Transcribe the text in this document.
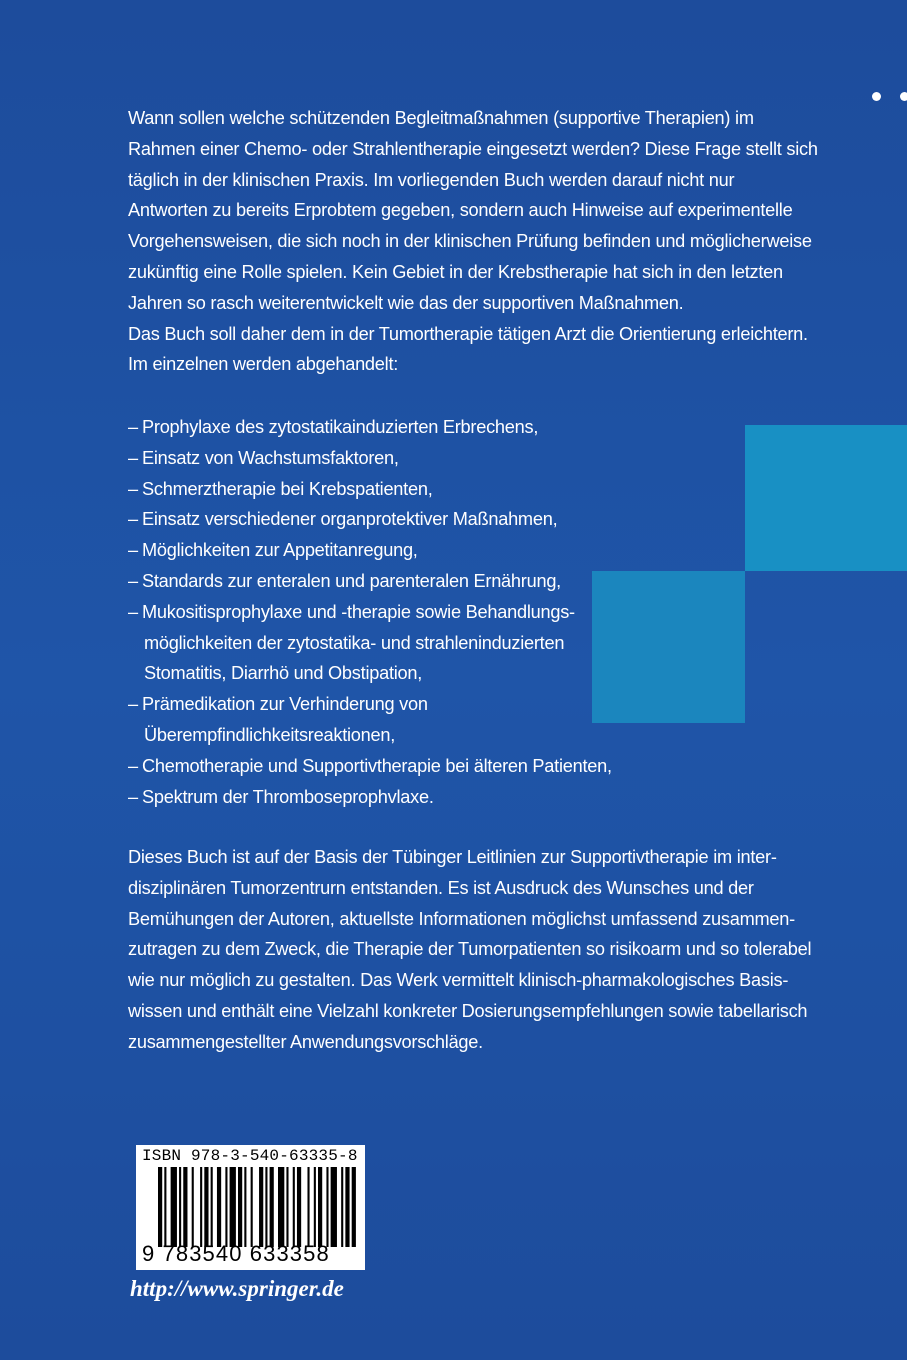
Wann sollen welche schützenden Begleitmaßnahmen (supportive Therapien) im
Rahmen einer Chemo- oder Strahlentherapie eingesetzt werden? Diese Frage stellt sich
täglich in der klinischen Praxis. Im vorliegenden Buch werden darauf nicht nur
Antworten zu bereits Erprobtem gegeben, sondern auch Hinweise auf experimentelle
Vorgehensweisen, die sich noch in der klinischen Prüfung befinden und möglicherweise
zukünftig eine Rolle spielen. Kein Gebiet in der Krebstherapie hat sich in den letzten
Jahren so rasch weiterentwickelt wie das der supportiven Maßnahmen.
Das Buch soll daher dem in der Tumortherapie tätigen Arzt die Orientierung erleichtern.
Im einzelnen werden abgehandelt:
– Prophylaxe des zytostatikainduzierten Erbrechens,
– Einsatz von Wachstumsfaktoren,
– Schmerztherapie bei Krebspatienten,
– Einsatz verschiedener organprotektiver Maßnahmen,
– Möglichkeiten zur Appetitanregung,
– Standards zur enteralen und parenteralen Ernährung,
– Mukositisprophylaxe und -therapie sowie Behandlungs-
möglichkeiten der zytostatika- und strahleninduzierten
Stomatitis, Diarrhö und Obstipation,
– Prämedikation zur Verhinderung von
Überempfindlichkeitsreaktionen,
– Chemotherapie und Supportivtherapie bei älteren Patienten,
– Spektrum der Thromboseprophvlaxe.
Dieses Buch ist auf der Basis der Tübinger Leitlinien zur Supportivtherapie im inter-
disziplinären Tumorzentrurn entstanden. Es ist Ausdruck des Wunsches und der
Bemühungen der Autoren, aktuellste Informationen möglichst umfassend zusammen-
zutragen zu dem Zweck, die Therapie der Tumorpatienten so risikoarm und so tolerabel
wie nur möglich zu gestalten. Das Werk vermittelt klinisch-pharmakologisches Basis-
wissen und enthält eine Vielzahl konkreter Dosierungsempfehlungen sowie tabellarisch
zusammengestellter Anwendungsvorschläge.
ISBN 978-3-540-63335-8
9 783540 633358
http://www.springer.de
